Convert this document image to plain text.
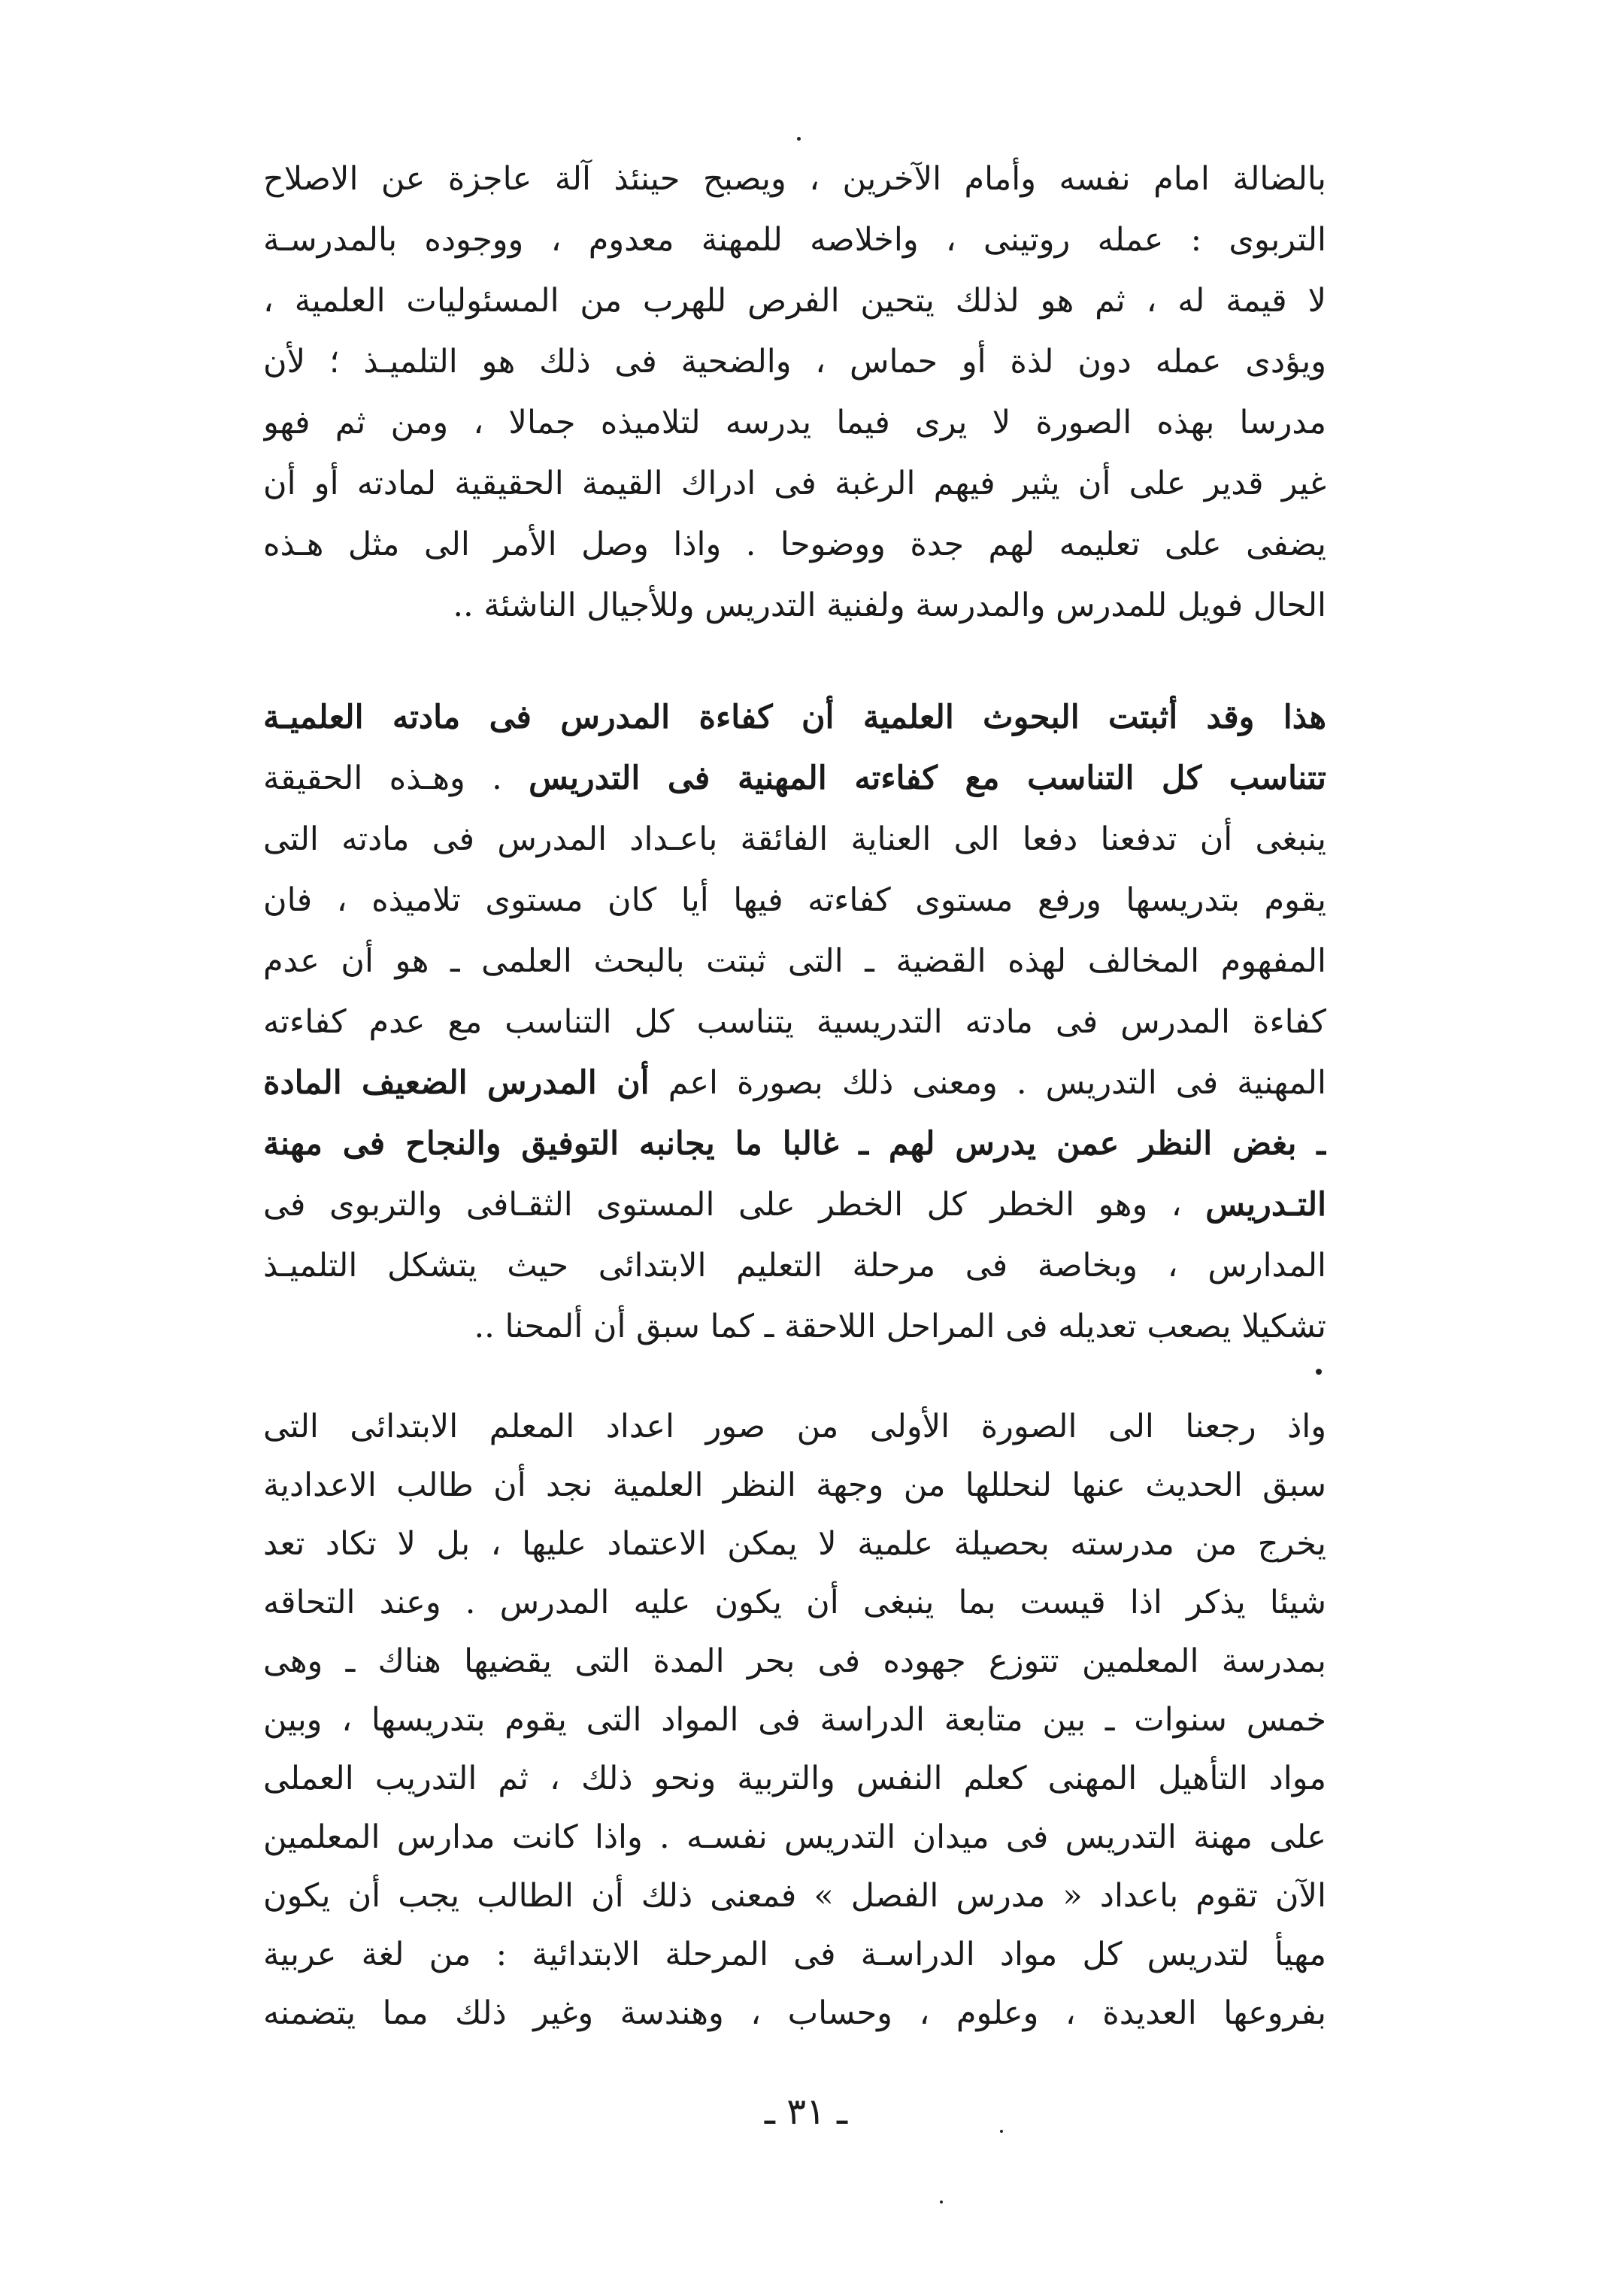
بالضالة امام نفسه وأمام الآخرين ، ويصبح حينئذ آلة عاجزة عن الاصلاح
التربوى : عمله روتينى ، واخلاصه للمهنة معدوم ، ووجوده بالمدرسـة
لا قيمة له ، ثم هو لذلك يتحين الفرص للهرب من المسئوليات العلمية ،
ويؤدى عمله دون لذة أو حماس ، والضحية فى ذلك هو التلميـذ ؛ لأن
مدرسا بهذه الصورة لا يرى فيما يدرسه لتلاميذه جمالا ، ومن ثم فهو
غير قدير على أن يثير فيهم الرغبة فى ادراك القيمة الحقيقية لمادته أو أن
يضفى على تعليمه لهم جدة ووضوحا . واذا وصل الأمر الى مثل هـذه
الحال فويل للمدرس والمدرسة ولفنية التدريس وللأجيال الناشئة ..
هذا وقد أثبتت البحوث العلمية أن كفاءة المدرس فى مادته العلميـة
تتناسب كل التناسب مع كفاءته المهنية فى التدريس . وهـذه الحقيقة
ينبغى أن تدفعنا دفعا الى العناية الفائقة باعـداد المدرس فى مادته التى
يقوم بتدريسها ورفع مستوى كفاءته فيها أيا كان مستوى تلاميذه ، فان
المفهوم المخالف لهذه القضية ـ التى ثبتت بالبحث العلمى ـ هو أن عدم
كفاءة المدرس فى مادته التدريسية يتناسب كل التناسب مع عدم كفاءته
المهنية فى التدريس . ومعنى ذلك بصورة اعم أن المدرس الضعيف المادة
ـ بغض النظر عمن يدرس لهم ـ غالبا ما يجانبه التوفيق والنجاح فى مهنة
التـدريس ، وهو الخطر كل الخطر على المستوى الثقـافى والتربوى فى
المدارس ، وبخاصة فى مرحلة التعليم الابتدائى حيث يتشكل التلميـذ
تشكيلا يصعب تعديله فى المراحل اللاحقة ـ كما سبق أن ألمحنا ..
واذ رجعنا الى الصورة الأولى من صور اعداد المعلم الابتدائى التى
سبق الحديث عنها لنحللها من وجهة النظر العلمية نجد أن طالب الاعدادية
يخرج من مدرسته بحصيلة علمية لا يمكن الاعتماد عليها ، بل لا تكاد تعد
شيئا يذكر اذا قيست بما ينبغى أن يكون عليه المدرس . وعند التحاقه
بمدرسة المعلمين تتوزع جهوده فى بحر المدة التى يقضيها هناك ـ وهى
خمس سنوات ـ بين متابعة الدراسة فى المواد التى يقوم بتدريسها ، وبين
مواد التأهيل المهنى كعلم النفس والتربية ونحو ذلك ، ثم التدريب العملى
على مهنة التدريس فى ميدان التدريس نفسـه . واذا كانت مدارس المعلمين
الآن تقوم باعداد « مدرس الفصل » فمعنى ذلك أن الطالب يجب أن يكون
مهيأ لتدريس كل مواد الدراسـة فى المرحلة الابتدائية : من لغة عربية
بفروعها العديدة ، وعلوم ، وحساب ، وهندسة وغير ذلك مما يتضمنه
ـ ٣١ ـ
